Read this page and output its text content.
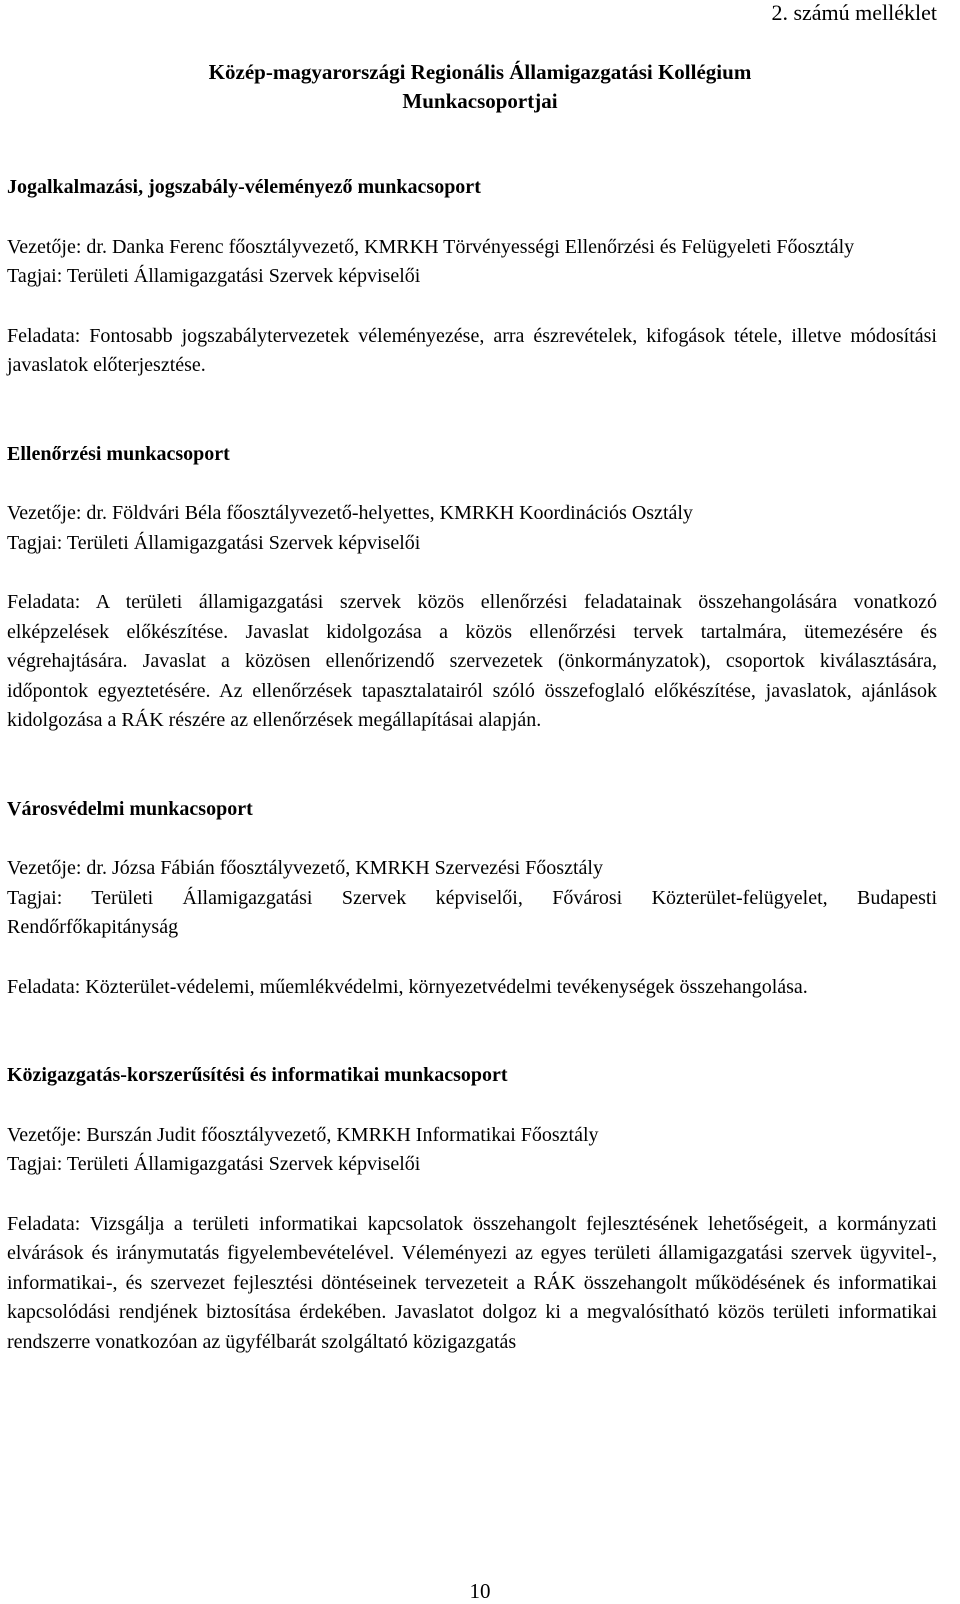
2. számú melléklet
Közép-magyarországi Regionális Államigazgatási Kollégium
Munkacsoportjai
Jogalkalmazási, jogszabály-véleményező munkacsoport

Vezetője: dr. Danka Ferenc főosztályvezető, KMRKH Törvényességi Ellenőrzési és Felügyeleti Főosztály

Tagjai: Területi Államigazgatási Szervek képviselői

Feladata: Fontosabb jogszabálytervezetek véleményezése, arra észrevételek, kifogások tétele, illetve módosítási javaslatok előterjesztése.

Ellenőrzési munkacsoport

Vezetője: dr. Földvári Béla főosztályvezető-helyettes, KMRKH Koordinációs Osztály

Tagjai: Területi Államigazgatási Szervek képviselői

Feladata: A területi államigazgatási szervek közös ellenőrzési feladatainak összehangolására vonatkozó elképzelések előkészítése. Javaslat kidolgozása a közös ellenőrzési tervek tartalmára, ütemezésére és végrehajtására. Javaslat a közösen ellenőrizendő szervezetek (önkormányzatok), csoportok kiválasztására, időpontok egyeztetésére. Az ellenőrzések tapasztalatairól szóló összefoglaló előkészítése, javaslatok, ajánlások kidolgozása a RÁK részére az ellenőrzések megállapításai alapján.

Városvédelmi munkacsoport

Vezetője: dr. Józsa Fábián főosztályvezető, KMRKH Szervezési Főosztály

Tagjai: Területi Államigazgatási Szervek képviselői, Fővárosi Közterület-felügyelet, Budapesti Rendőrfőkapitányság

Feladata: Közterület-védelemi, műemlékvédelmi, környezetvédelmi tevékenységek összehangolása.

Közigazgatás-korszerűsítési és informatikai munkacsoport

Vezetője: Burszán Judit főosztályvezető, KMRKH Informatikai Főosztály

Tagjai: Területi Államigazgatási Szervek képviselői

Feladata: Vizsgálja a területi informatikai kapcsolatok összehangolt fejlesztésének lehetőségeit, a kormányzati elvárások és iránymutatás figyelembevételével. Véleményezi az egyes területi államigazgatási szervek ügyvitel-, informatikai-, és szervezet fejlesztési döntéseinek tervezeteit a RÁK összehangolt működésének és informatikai kapcsolódási rendjének biztosítása érdekében. Javaslatot dolgoz ki a megvalósítható közös területi informatikai rendszerre vonatkozóan az ügyfélbarát szolgáltató közigazgatás

10
